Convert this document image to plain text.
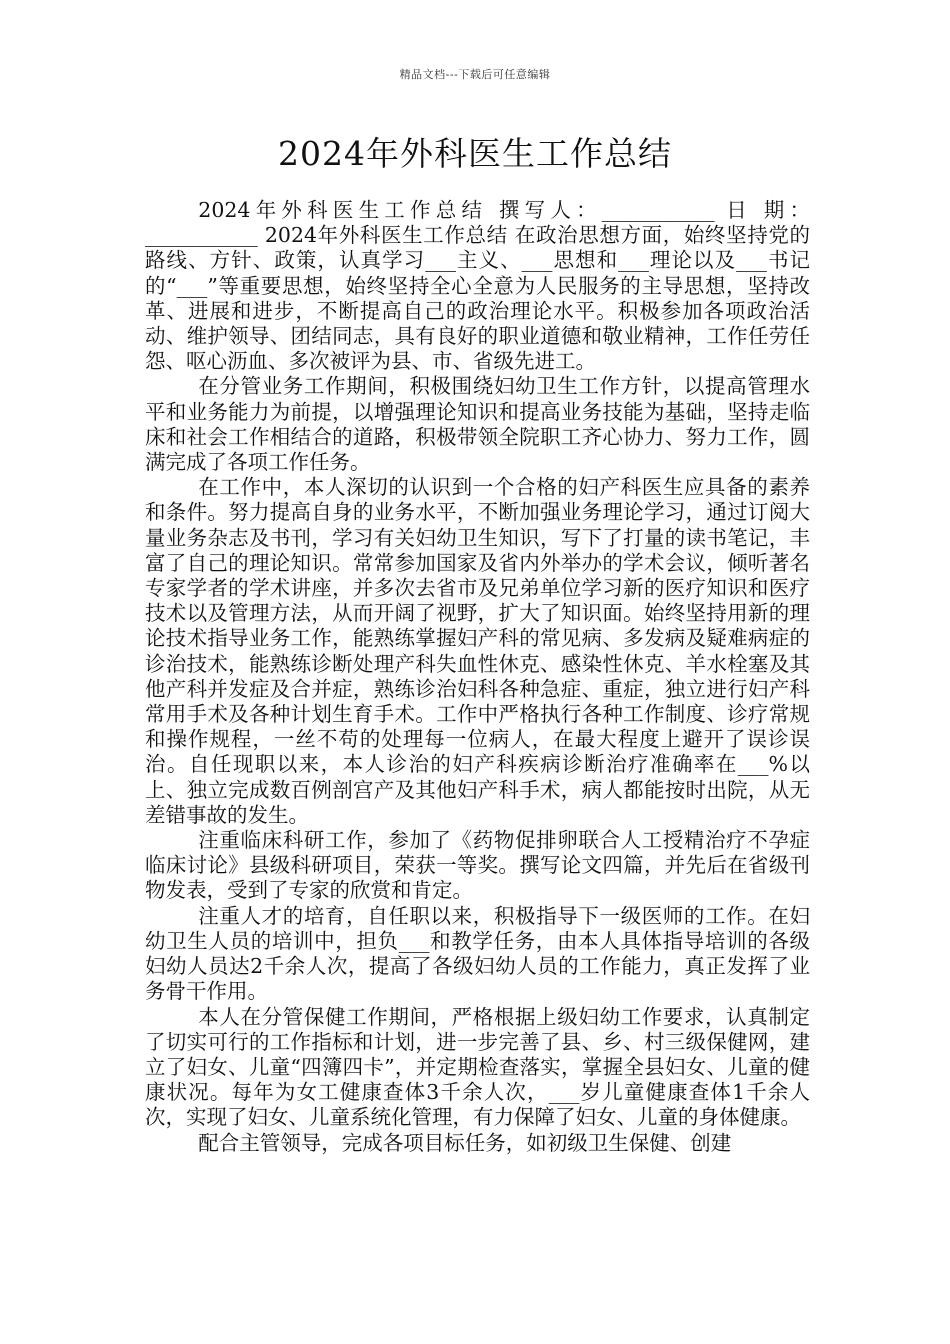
精品文档---下载后可任意编辑
2024年外科医生工作总结

2024年外科医生工作总结 撰写人：___________ 日 期：___________ 2024年外科医生工作总结 在政治思想方面，始终坚持党的路线、方针、政策，认真学习___主义、___思想和___理论以及___书记的“___”等重要思想，始终坚持全心全意为人民服务的主导思想，坚持改革、进展和进步，不断提高自己的政治理论水平。积极参加各项政治活动、维护领导、团结同志，具有良好的职业道德和敬业精神，工作任劳任怨、呕心沥血、多次被评为县、市、省级先进工。

在分管业务工作期间，积极围绕妇幼卫生工作方针，以提高管理水平和业务能力为前提，以增强理论知识和提高业务技能为基础，坚持走临床和社会工作相结合的道路，积极带领全院职工齐心协力、努力工作，圆满完成了各项工作任务。

在工作中，本人深切的认识到一个合格的妇产科医生应具备的素养和条件。努力提高自身的业务水平，不断加强业务理论学习，通过订阅大量业务杂志及书刊，学习有关妇幼卫生知识，写下了打量的读书笔记，丰富了自己的理论知识。常常参加国家及省内外举办的学术会议，倾听著名专家学者的学术讲座，并多次去省市及兄弟单位学习新的医疗知识和医疗技术以及管理方法，从而开阔了视野，扩大了知识面。始终坚持用新的理论技术指导业务工作，能熟练掌握妇产科的常见病、多发病及疑难病症的诊治技术，能熟练诊断处理产科失血性休克、感染性休克、羊水栓塞及其他产科并发症及合并症，熟练诊治妇科各种急症、重症，独立进行妇产科常用手术及各种计划生育手术。工作中严格执行各种工作制度、诊疗常规和操作规程，一丝不苟的处理每一位病人，在最大程度上避开了误诊误治。自任现职以来，本人诊治的妇产科疾病诊断治疗准确率在___%以上、独立完成数百例剖宫产及其他妇产科手术，病人都能按时出院，从无差错事故的发生。

注重临床科研工作，参加了《药物促排卵联合人工授精治疗不孕症临床讨论》县级科研项目，荣获一等奖。撰写论文四篇，并先后在省级刊物发表，受到了专家的欣赏和肯定。

注重人才的培育，自任职以来，积极指导下一级医师的工作。在妇幼卫生人员的培训中，担负___和教学任务，由本人具体指导培训的各级妇幼人员达2千余人次，提高了各级妇幼人员的工作能力，真正发挥了业务骨干作用。

本人在分管保健工作期间，严格根据上级妇幼工作要求，认真制定了切实可行的工作指标和计划，进一步完善了县、乡、村三级保健网，建立了妇女、儿童“四簿四卡”，并定期检查落实，掌握全县妇女、儿童的健康状况。每年为女工健康查体3千余人次，___岁儿童健康查体1千余人次，实现了妇女、儿童系统化管理，有力保障了妇女、儿童的身体健康。

配合主管领导，完成各项目标任务，如初级卫生保健、创建
